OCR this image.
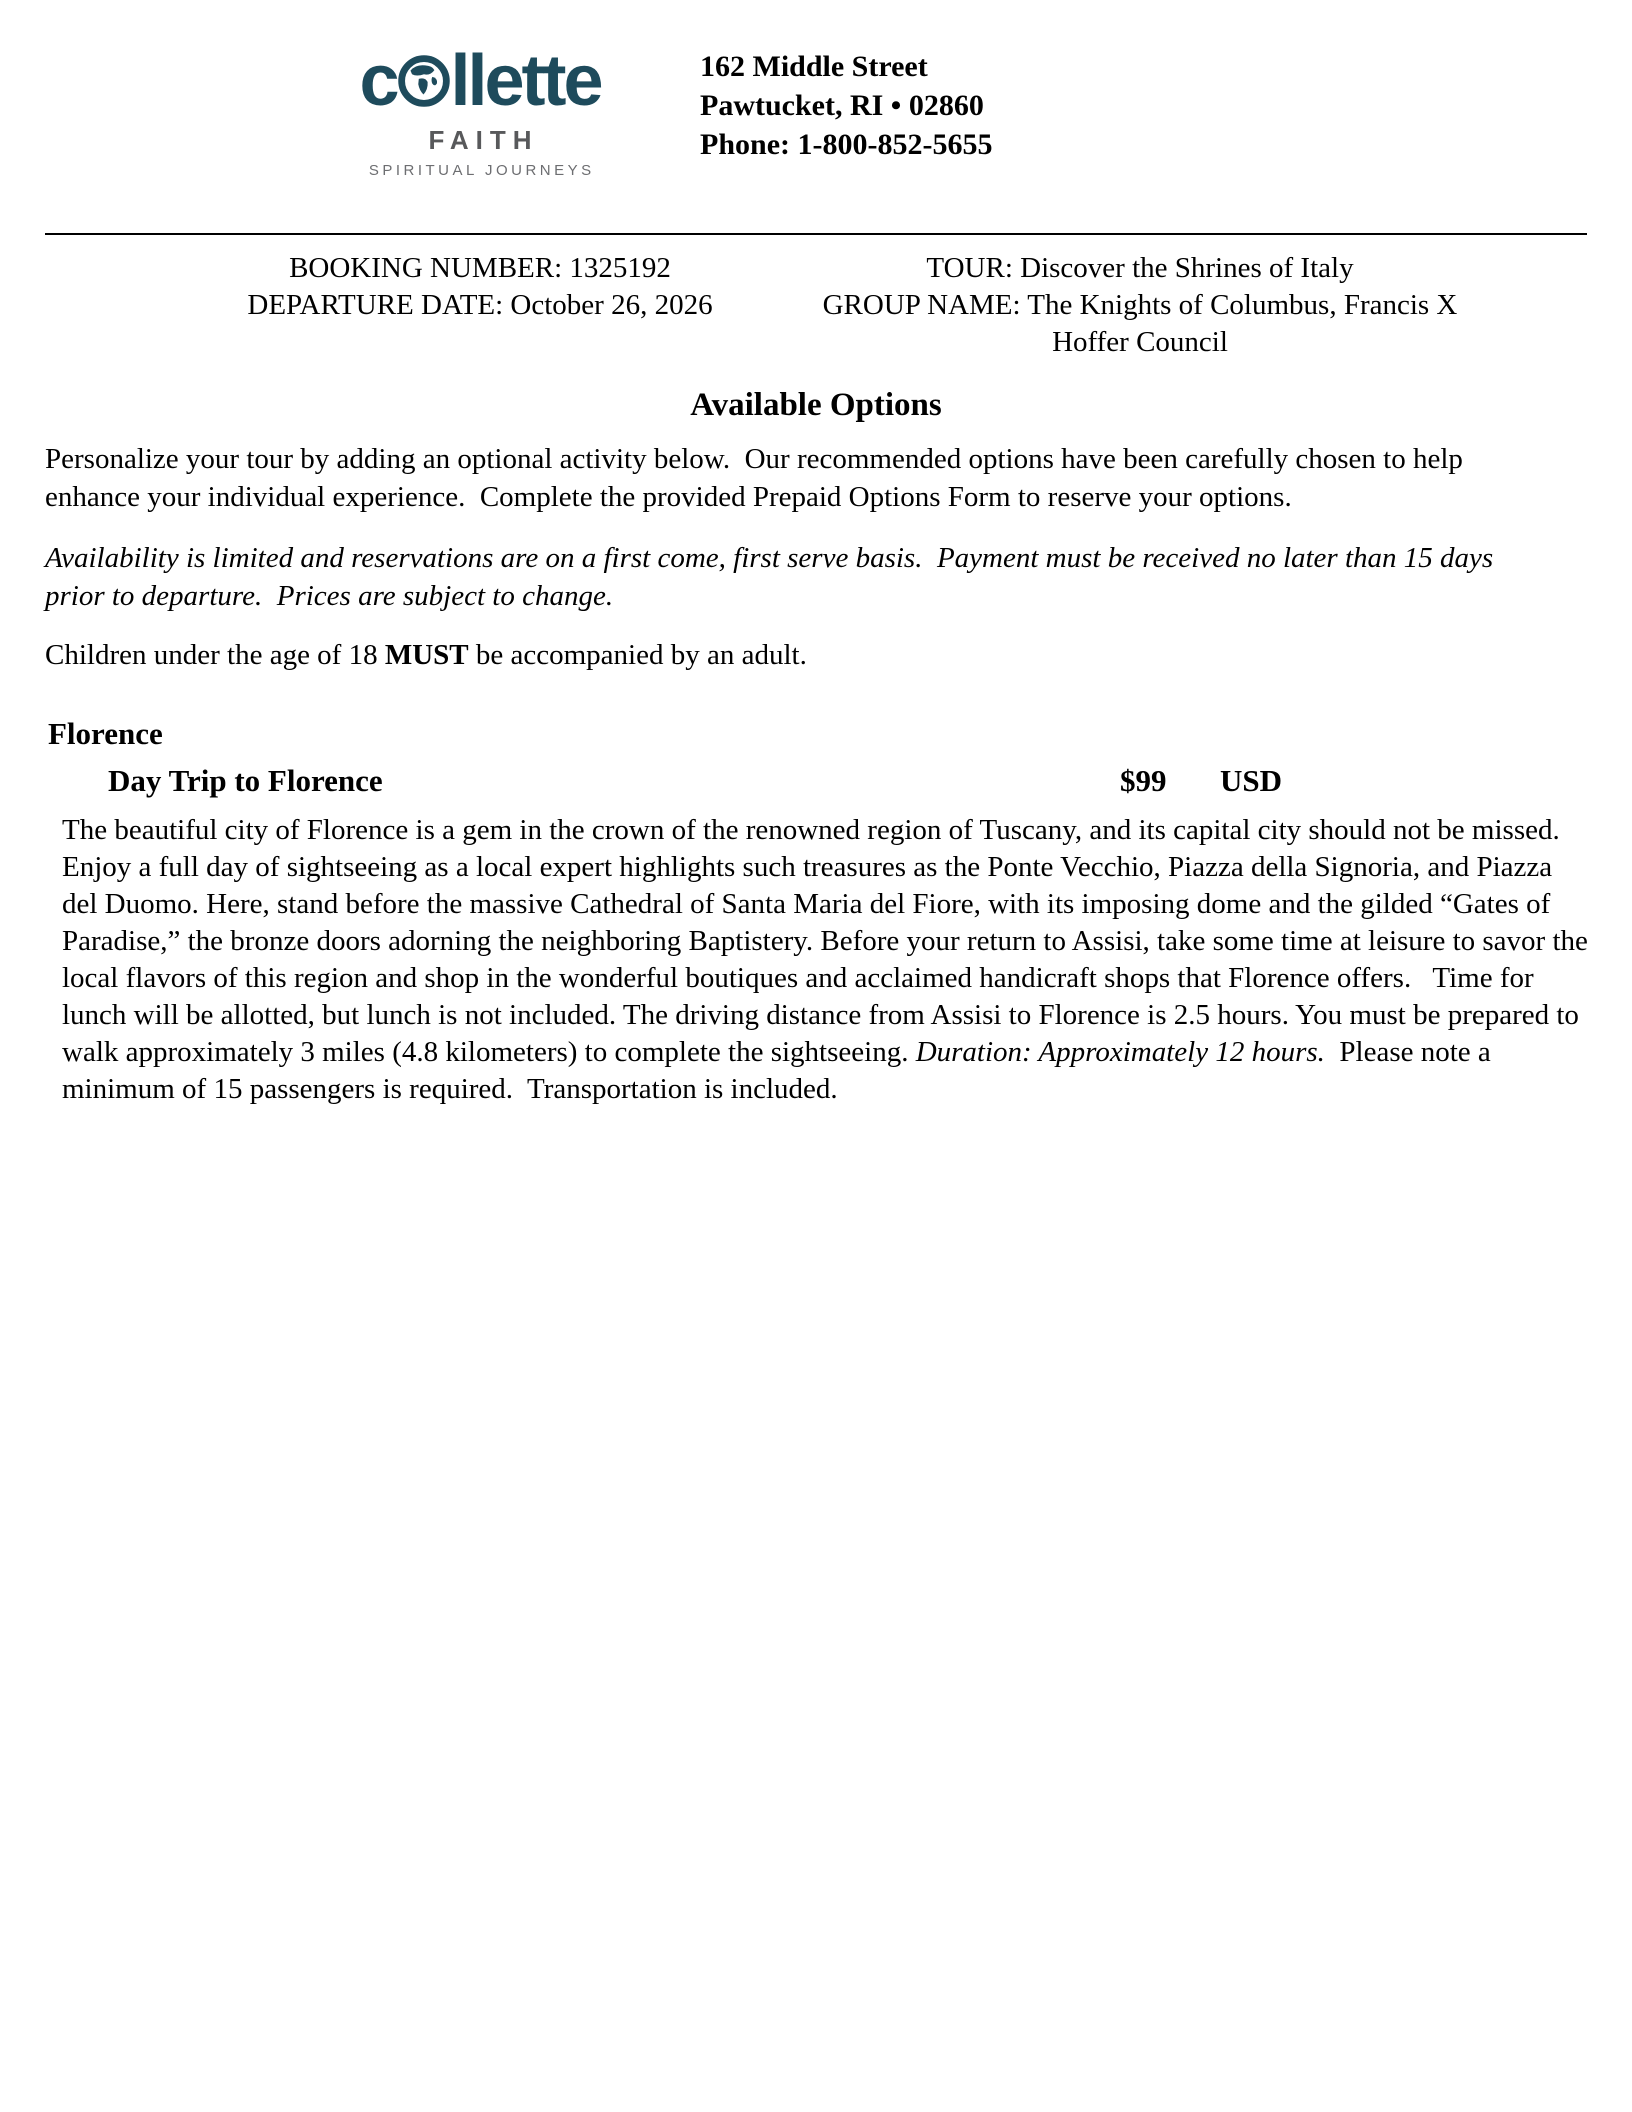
c llette
FAITH
SPIRITUAL JOURNEYS
162 Middle Street
Pawtucket, RI • 02860
Phone: 1-800-852-5655
BOOKING NUMBER: 1325192
DEPARTURE DATE: October 26, 2026
TOUR: Discover the Shrines of Italy
GROUP NAME: The Knights of Columbus, Francis X Hoffer Council
Available Options

Personalize your tour by adding an optional activity below.  Our recommended options have been carefully chosen to help enhance your individual experience.  Complete the provided Prepaid Options Form to reserve your options.

Availability is limited and reservations are on a first come, first serve basis.  Payment must be received no later than 15 days prior to departure.  Prices are subject to change.

Children under the age of 18 MUST be accompanied by an adult.

Florence
Day Trip to Florence	$99 USD

The beautiful city of Florence is a gem in the crown of the renowned region of Tuscany, and its capital city should not be missed. Enjoy a full day of sightseeing as a local expert highlights such treasures as the Ponte Vecchio, Piazza della Signoria, and Piazza del Duomo. Here, stand before the massive Cathedral of Santa Maria del Fiore, with its imposing dome and the gilded “Gates of Paradise,” the bronze doors adorning the neighboring Baptistery. Before your return to Assisi, take some time at leisure to savor the local flavors of this region and shop in the wonderful boutiques and acclaimed handicraft shops that Florence offers.   Time for lunch will be allotted, but lunch is not included. The driving distance from Assisi to Florence is 2.5 hours. You must be prepared to walk approximately 3 miles (4.8 kilometers) to complete the sightseeing. Duration: Approximately 12 hours.  Please note a minimum of 15 passengers is required.  Transportation is included.
